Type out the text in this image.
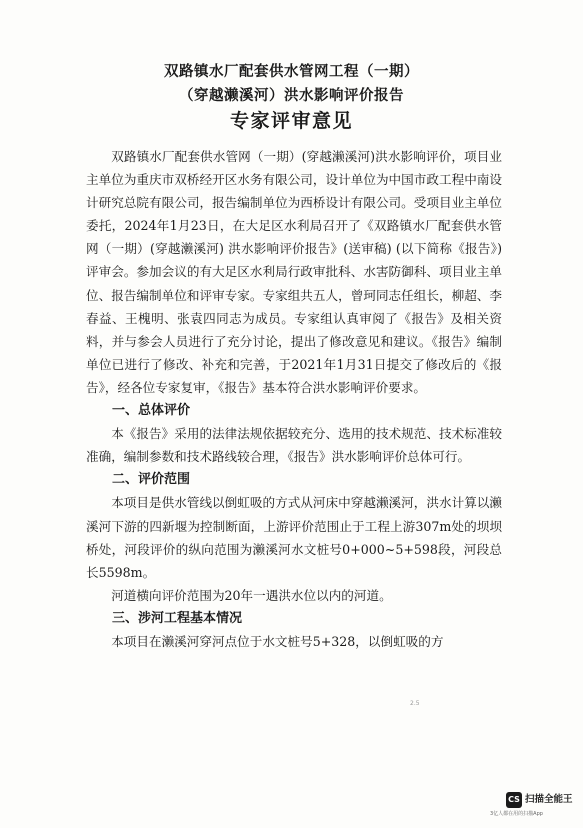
双路镇水厂配套供水管网工程（一期）
（穿越濑溪河）洪水影响评价报告
专家评审意见

双路镇水厂配套供水管网（一期）(穿越濑溪河)洪水影响评价，项目业主单位为重庆市双桥经开区水务有限公司，设计单位为中国市政工程中南设计研究总院有限公司，报告编制单位为西桥设计有限公司。受项目业主单位委托，2024年1月23日，在大足区水利局召开了《双路镇水厂配套供水管网（一期）(穿越濑溪河) 洪水影响评价报告》(送审稿) (以下简称《报告》) 评审会。参加会议的有大足区水利局行政审批科、水害防御科、项目业主单位、报告编制单位和评审专家。专家组共五人，曾珂同志任组长，柳超、李春益、王槐明、张袁四同志为成员。专家组认真审阅了《报告》及相关资料，并与参会人员进行了充分讨论，提出了修改意见和建议。《报告》编制单位已进行了修改、补充和完善，于2021年1月31日提交了修改后的《报告》，经各位专家复审，《报告》基本符合洪水影响评价要求。

一、总体评价

本《报告》采用的法律法规依据较充分、选用的技术规范、技术标准较准确，编制参数和技术路线较合理，《报告》洪水影响评价总体可行。

二、评价范围

本项目是供水管线以倒虹吸的方式从河床中穿越濑溪河，洪水计算以濑溪河下游的四新堰为控制断面，上游评价范围止于工程上游307m处的坝坝桥处，河段评价的纵向范围为濑溪河水文桩号0+000~5+598段，河段总长5598m。

河道横向评价范围为20年一遇洪水位以内的河道。

三、涉河工程基本情况

本项目在濑溪河穿河点位于水文桩号5+328，以倒虹吸的方

2.5
CS 扫描全能王
3亿人都在用的扫描App
